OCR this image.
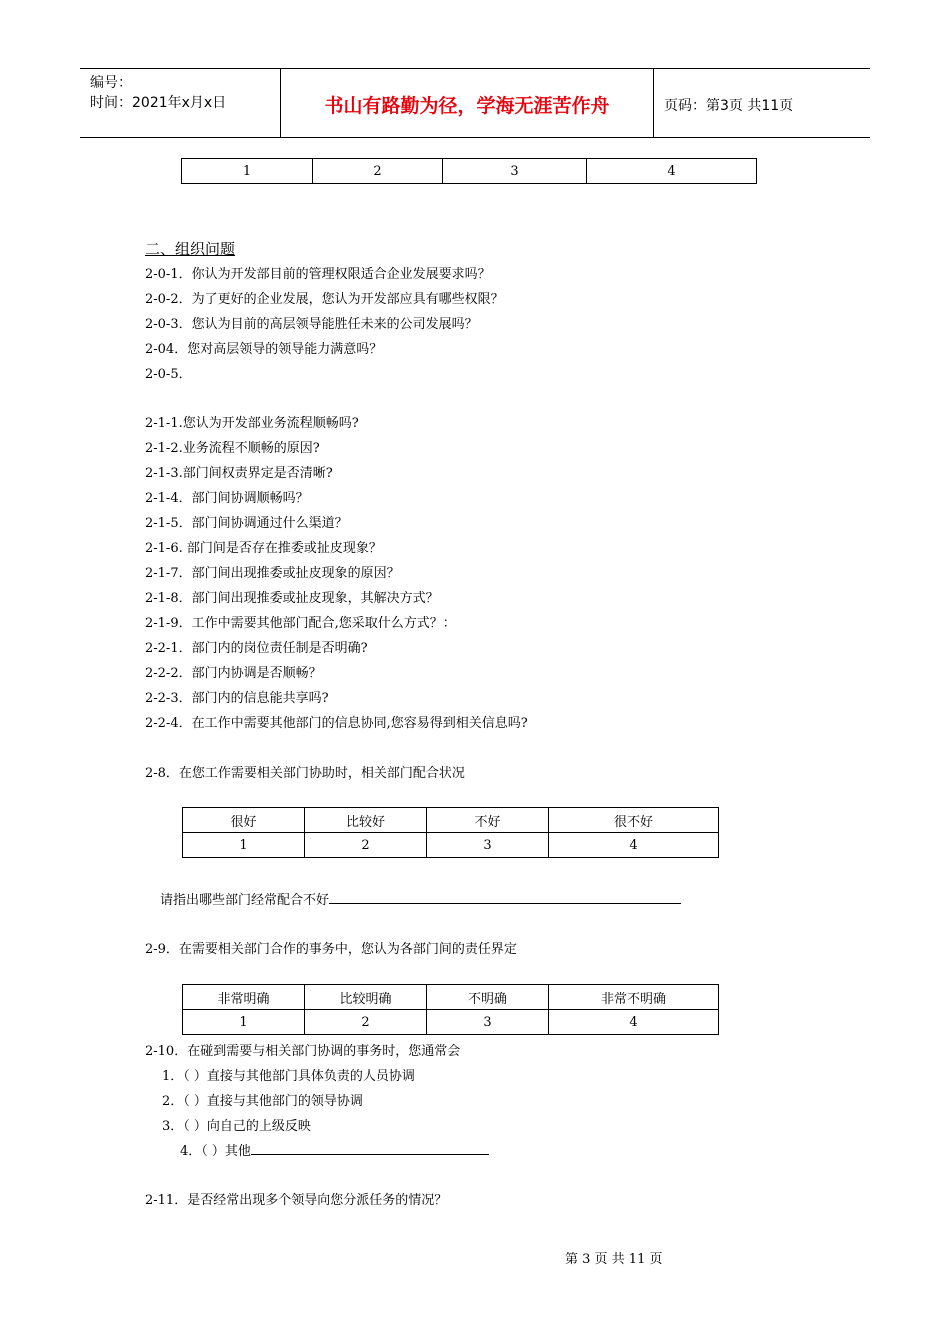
编号：
时间：2021年x月x日	书山有路勤为径，学海无涯苦作舟	页码：第3页 共11页
1	2	3	4
二、组织问题
2-0-1．你认为开发部目前的管理权限适合企业发展要求吗？
2-0-2．为了更好的企业发展，您认为开发部应具有哪些权限？
2-0-3．您认为目前的高层领导能胜任未来的公司发展吗？
2-04．您对高层领导的领导能力满意吗？
2-0-5．
2-1-1.您认为开发部业务流程顺畅吗?
2-1-2.业务流程不顺畅的原因?
2-1-3.部门间权责界定是否清晰?
2-1-4．部门间协调顺畅吗？
2-1-5．部门间协调通过什么渠道？
2-1-6. 部门间是否存在推委或扯皮现象？
2-1-7．部门间出现推委或扯皮现象的原因？
2-1-8．部门间出现推委或扯皮现象，其解决方式？
2-1-9．工作中需要其他部门配合,您采取什么方式？：
2-2-1．部门内的岗位责任制是否明确?
2-2-2．部门内协调是否顺畅？
2-2-3．部门内的信息能共享吗?
2-2-4．在工作中需要其他部门的信息协同,您容易得到相关信息吗?
2-8．在您工作需要相关部门协助时，相关部门配合状况
很好	比较好	不好	很不好
1	2	3	4
请指出哪些部门经常配合不好
2-9．在需要相关部门合作的事务中，您认为各部门间的责任界定
非常明确	比较明确	不明确	非常不明确
1	2	3	4
2-10．在碰到需要与相关部门协调的事务时，您通常会
1．（ ）直接与其他部门具体负责的人员协调
2．（ ）直接与其他部门的领导协调
3．（ ）向自己的上级反映
4．（ ）其他
2-11．是否经常出现多个领导向您分派任务的情况？
第 3 页 共 11 页
